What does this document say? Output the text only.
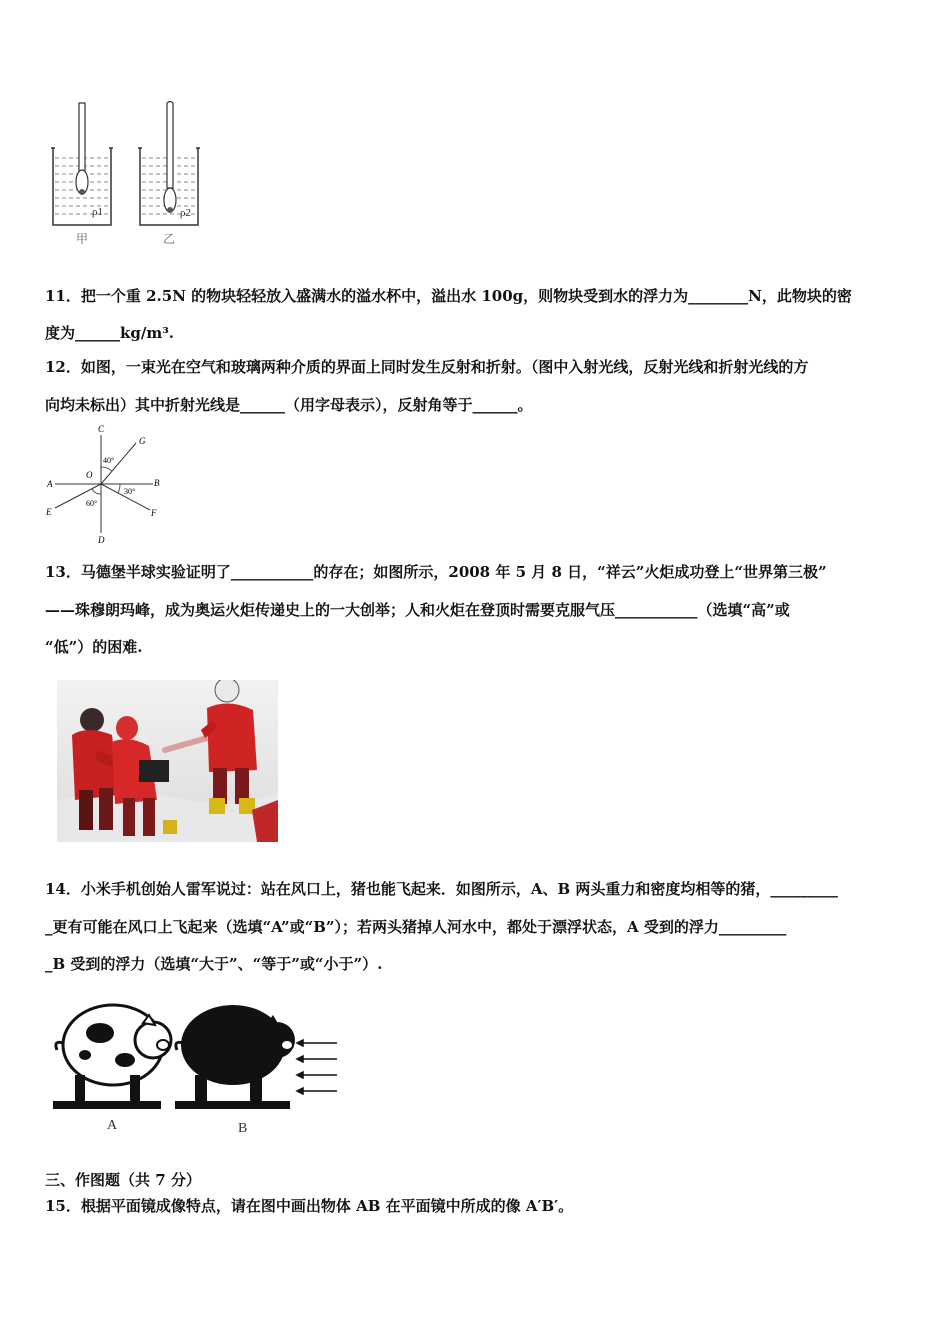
ρ1	ρ2
甲	乙
11．把一个重 2.5N 的物块轻轻放入盛满水的溢水杯中，溢出水 100g，则物块受到水的浮力为________N，此物块的密
度为______kg/m³.
12．如图，一束光在空气和玻璃两种介质的界面上同时发生反射和折射。（图中入射光线，反射光线和折射光线的方
向均未标出）其中折射光线是______（用字母表示），反射角等于______。
C
G
40°
O
A	B
30°
60°
E	F
D
13．马德堡半球实验证明了___________的存在；如图所示，2008 年 5 月 8 日，“祥云”火炬成功登上“世界第三极”
——珠穆朗玛峰，成为奥运火炬传递史上的一大创举；人和火炬在登顶时需要克服气压___________（选填“高”或
“低”）的困难.
14．小米手机创始人雷军说过：站在风口上，猪也能飞起来．如图所示，A、B 两头重力和密度均相等的猪，_________
_更有可能在风口上飞起来（选填“A”或“B”）；若两头猪掉人河水中，都处于漂浮状态，A 受到的浮力_________
_B 受到的浮力（选填“大于”、“等于”或“小于”）.
A	B
三、作图题（共 7 分）
15．根据平面镜成像特点，请在图中画出物体 AB 在平面镜中所成的像 A′B′。
